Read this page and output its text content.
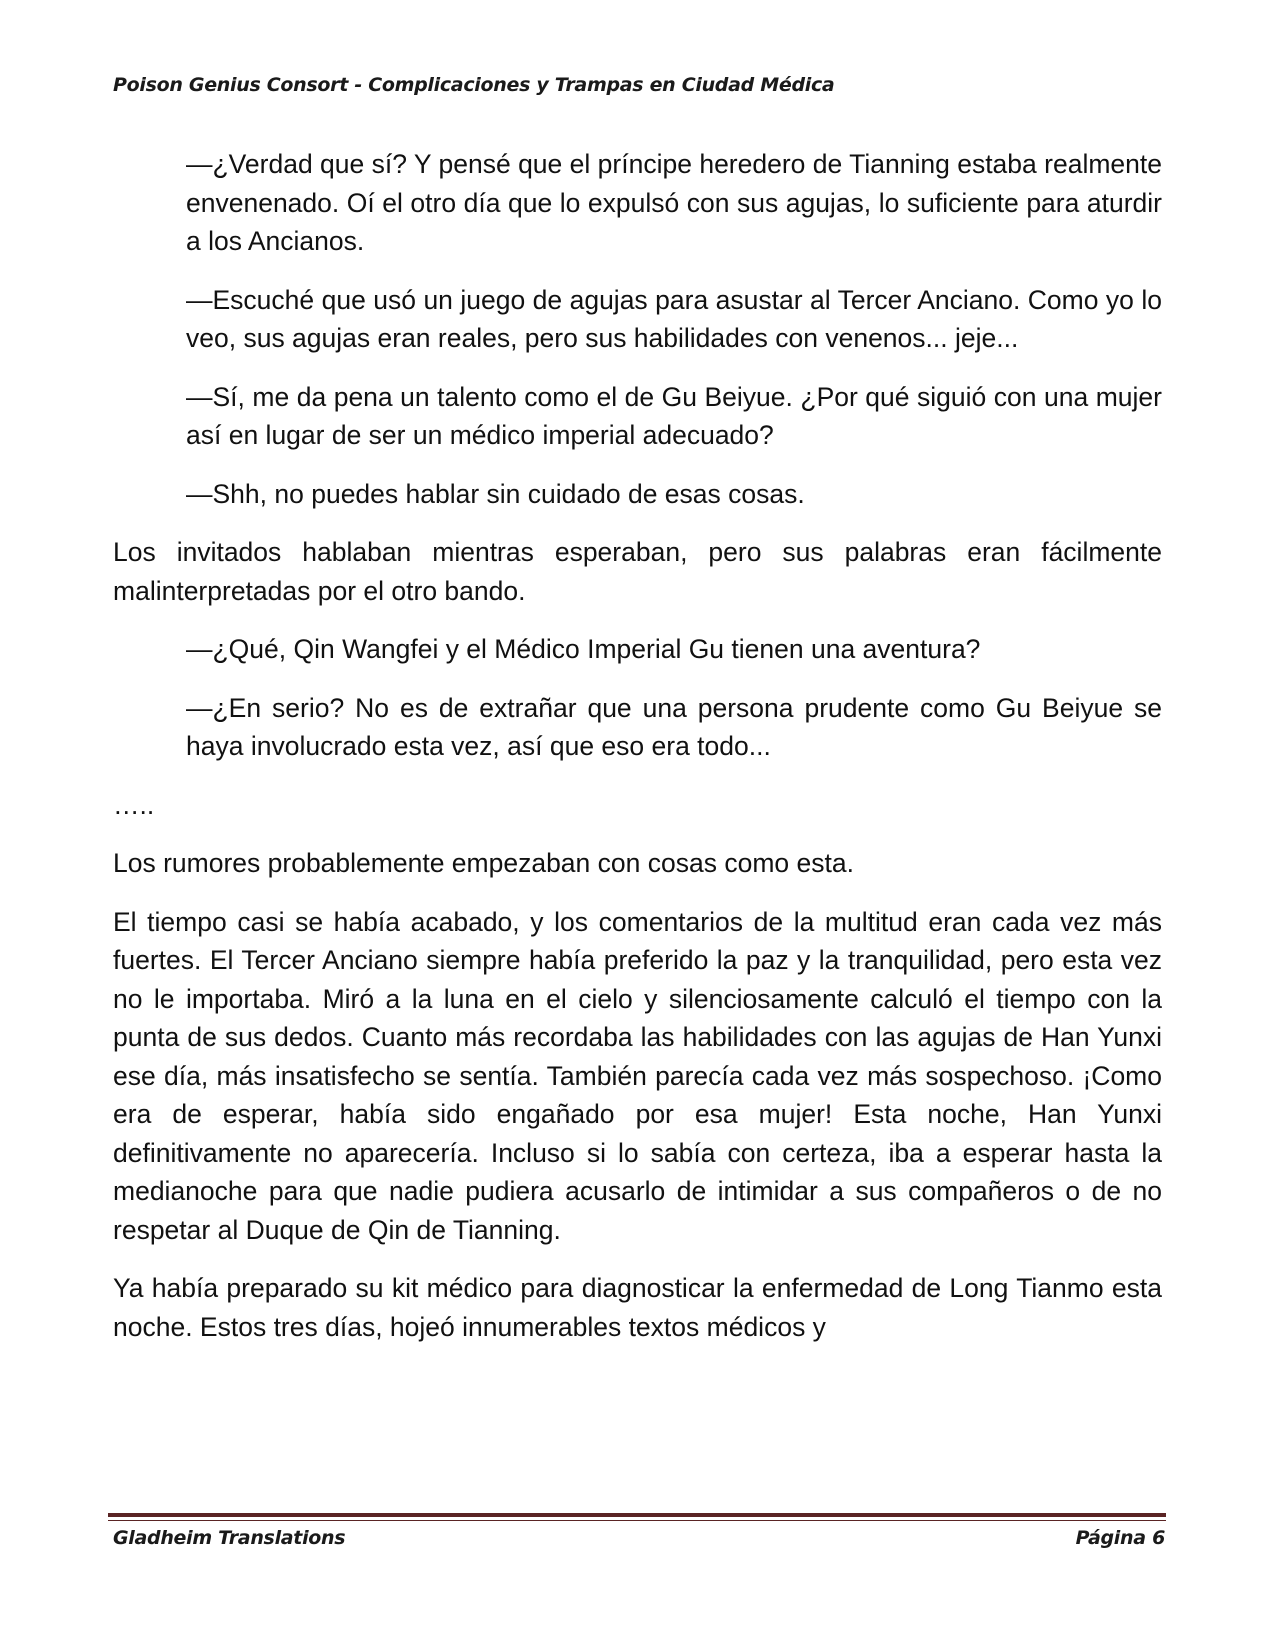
Poison Genius Consort - Complicaciones y Trampas en Ciudad Médica

—¿Verdad que sí? Y pensé que el príncipe heredero de Tianning estaba realmente envenenado. Oí el otro día que lo expulsó con sus agujas, lo suficiente para aturdir a los Ancianos.

—Escuché que usó un juego de agujas para asustar al Tercer Anciano. Como yo lo veo, sus agujas eran reales, pero sus habilidades con venenos... jeje...

—Sí, me da pena un talento como el de Gu Beiyue. ¿Por qué siguió con una mujer así en lugar de ser un médico imperial adecuado?

—Shh, no puedes hablar sin cuidado de esas cosas.

Los invitados hablaban mientras esperaban, pero sus palabras eran fácilmente malinterpretadas por el otro bando.

—¿Qué, Qin Wangfei y el Médico Imperial Gu tienen una aventura?

—¿En serio? No es de extrañar que una persona prudente como Gu Beiyue se haya involucrado esta vez, así que eso era todo...

…..

Los rumores probablemente empezaban con cosas como esta.

El tiempo casi se había acabado, y los comentarios de la multitud eran cada vez más fuertes. El Tercer Anciano siempre había preferido la paz y la tranquilidad, pero esta vez no le importaba. Miró a la luna en el cielo y silenciosamente calculó el tiempo con la punta de sus dedos. Cuanto más recordaba las habilidades con las agujas de Han Yunxi ese día, más insatisfecho se sentía. También parecía cada vez más sospechoso. ¡Como era de esperar, había sido engañado por esa mujer! Esta noche, Han Yunxi definitivamente no aparecería. Incluso si lo sabía con certeza, iba a esperar hasta la medianoche para que nadie pudiera acusarlo de intimidar a sus compañeros o de no respetar al Duque de Qin de Tianning.

Ya había preparado su kit médico para diagnosticar la enfermedad de Long Tianmo esta noche. Estos tres días, hojeó innumerables textos médicos y

Gladheim Translations	Página 6
